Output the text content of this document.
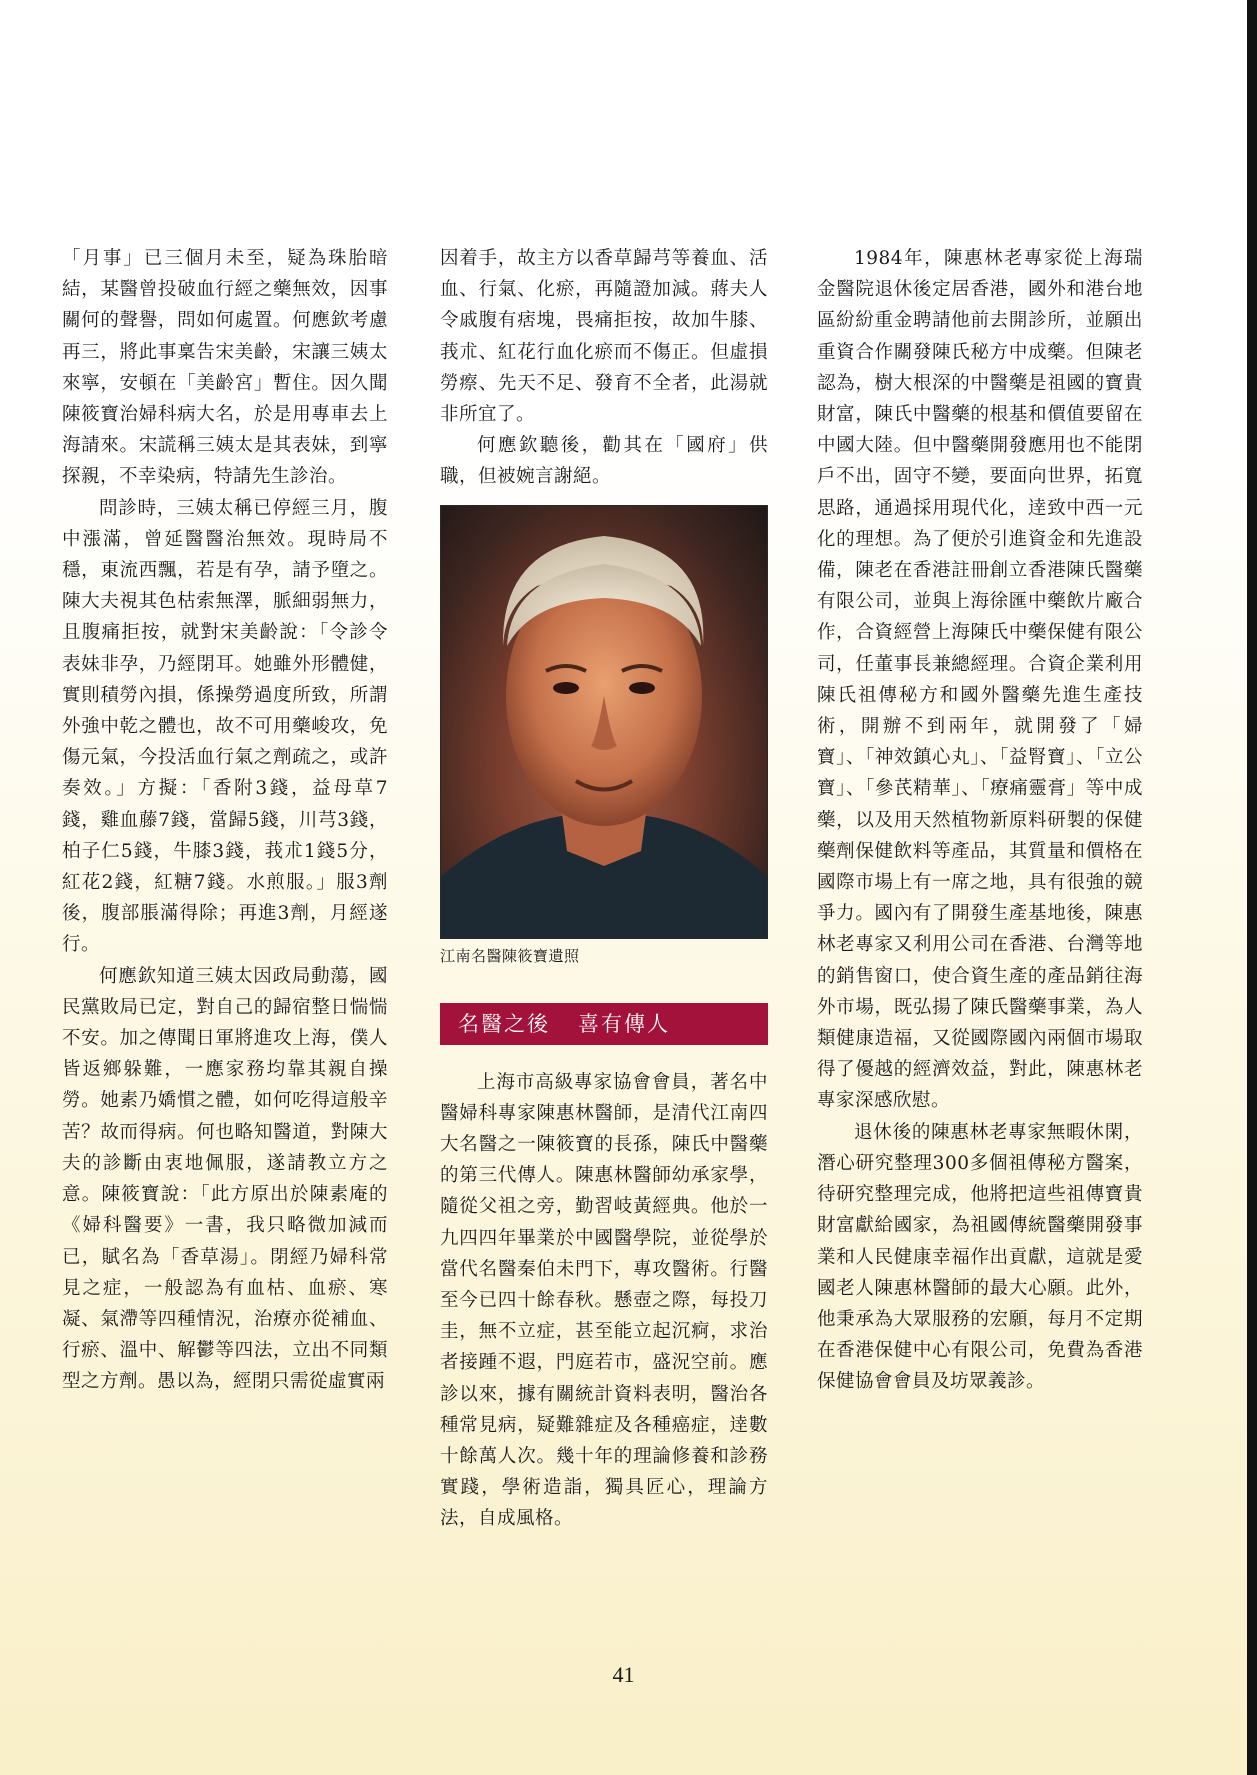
「月事」已三個月未至，疑為珠胎暗結，某醫曾投破血行經之藥無效，因事關何的聲譽，問如何處置。何應欽考慮再三，將此事稟告宋美齡，宋讓三姨太來寧，安頓在「美齡宮」暫住。因久聞陳筱寶治婦科病大名，於是用專車去上海請來。宋謊稱三姨太是其表妹，到寧探親，不幸染病，特請先生診治。

問診時，三姨太稱已停經三月，腹中漲滿，曾延醫醫治無效。現時局不穩，東流西飄，若是有孕，請予墮之。陳大夫視其色枯索無澤，脈細弱無力，且腹痛拒按，就對宋美齡說：「令診令表妹非孕，乃經閉耳。她雖外形體健，實則積勞內損，係操勞過度所致，所謂外強中乾之體也，故不可用藥峻攻，免傷元氣，今投活血行氣之劑疏之，或許奏效。」方擬：「香附3錢，益母草7錢，雞血藤7錢，當歸5錢，川芎3錢，柏子仁5錢，牛膝3錢，莪朮1錢5分，紅花2錢，紅糖7錢。水煎服。」服3劑後，腹部脹滿得除；再進3劑，月經遂行。

何應欽知道三姨太因政局動蕩，國民黨敗局已定，對自己的歸宿整日惴惴不安。加之傳聞日軍將進攻上海，僕人皆返鄉躲難，一應家務均靠其親自操勞。她素乃嬌慣之體，如何吃得這般辛苦？故而得病。何也略知醫道，對陳大夫的診斷由衷地佩服，遂請教立方之意。陳筱寶說：「此方原出於陳素庵的《婦科醫要》一書，我只略微加減而已，賦名為「香草湯」。閉經乃婦科常見之症，一般認為有血枯、血瘀、寒凝、氣滯等四種情況，治療亦從補血、行瘀、溫中、解鬱等四法，立出不同類型之方劑。愚以為，經閉只需從虛實兩

因着手，故主方以香草歸芎等養血、活血、行氣、化瘀，再隨證加減。蔣夫人令戚腹有痞塊，畏痛拒按，故加牛膝、莪朮、紅花行血化瘀而不傷正。但虛損勞瘵、先天不足、發育不全者，此湯就非所宜了。

何應欽聽後，勸其在「國府」供職，但被婉言謝絕。

江南名醫陳筱寶遺照
名醫之後 喜有傳人

上海市高級專家協會會員，著名中醫婦科專家陳惠林醫師，是清代江南四大名醫之一陳筱寶的長孫，陳氏中醫藥的第三代傳人。陳惠林醫師幼承家學，隨從父祖之旁，勤習岐黃經典。他於一九四四年畢業於中國醫學院，並從學於當代名醫秦伯未門下，專攻醫術。行醫至今已四十餘春秋。懸壺之際，每投刀圭，無不立症，甚至能立起沉痾，求治者接踵不遐，門庭若市，盛況空前。應診以來，據有關統計資料表明，醫治各種常見病，疑難雜症及各種癌症，逹數十餘萬人次。幾十年的理論修養和診務實踐，學術造詣，獨具匠心，理論方法，自成風格。

1984年，陳惠林老專家從上海瑞金醫院退休後定居香港，國外和港台地區紛紛重金聘請他前去開診所，並願出重資合作關發陳氏秘方中成藥。但陳老認為，樹大根深的中醫藥是祖國的寶貴財富，陳氏中醫藥的根基和價值要留在中國大陸。但中醫藥開發應用也不能閉戶不出，固守不變，要面向世界，拓寬思路，通過採用現代化，逹致中西一元化的理想。為了便於引進資金和先進設備，陳老在香港註冊創立香港陳氏醫藥有限公司，並與上海徐匯中藥飲片廠合作，合資經營上海陳氏中藥保健有限公司，任董事長兼總經理。合資企業利用陳氏祖傳秘方和國外醫藥先進生產技術，開辦不到兩年，就開發了「婦寶」、「神效鎮心丸」、「益腎寶」、「立公寶」、「參芪精華」、「療痛靈膏」等中成藥，以及用天然植物新原料研製的保健藥劑保健飲料等產品，其質量和價格在國際市場上有一席之地，具有很強的競爭力。國內有了開發生產基地後，陳惠林老專家又利用公司在香港、台灣等地的銷售窗口，使合資生產的產品銷往海外市場，既弘揚了陳氏醫藥事業，為人類健康造福，又從國際國內兩個市場取得了優越的經濟效益，對此，陳惠林老專家深感欣慰。

退休後的陳惠林老專家無暇休閑，潛心研究整理300多個祖傳秘方醫案，待研究整理完成，他將把這些祖傳寶貴財富獻給國家，為祖國傳統醫藥開發事業和人民健康幸福作出貢獻，這就是愛國老人陳惠林醫師的最大心願。此外，他秉承為大眾服務的宏願，每月不定期在香港保健中心有限公司，免費為香港保健協會會員及坊眾義診。

41
